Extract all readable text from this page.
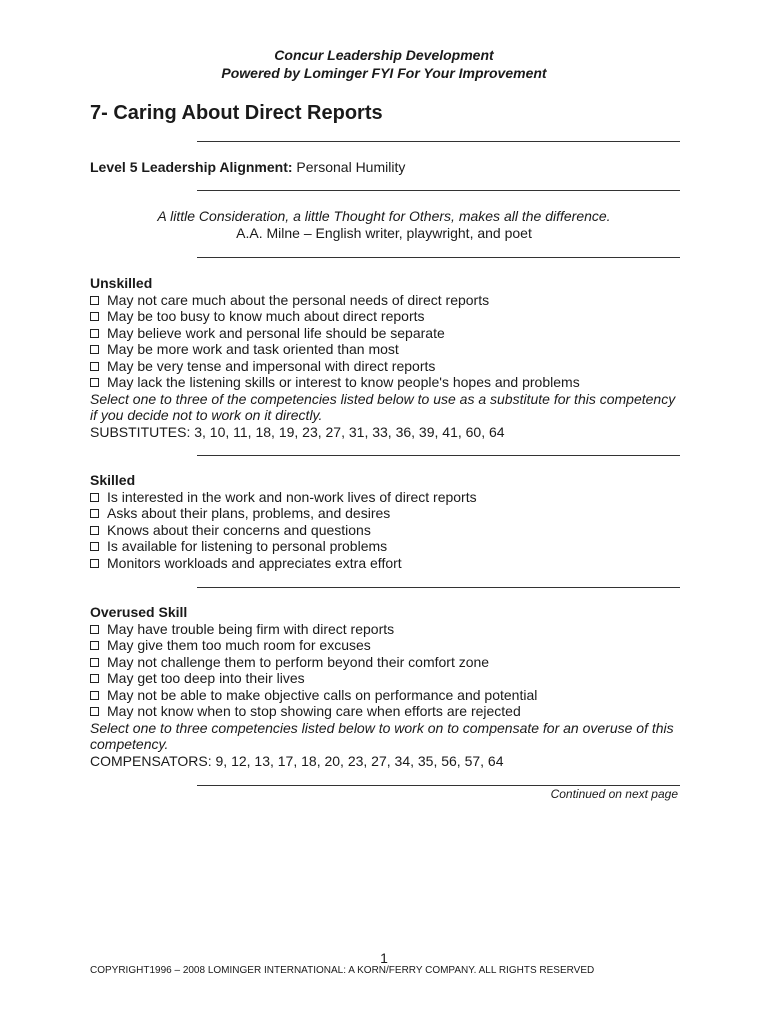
Concur Leadership Development
Powered by Lominger FYI For Your Improvement
7- Caring About Direct Reports
Level 5 Leadership Alignment: Personal Humility
A little Consideration, a little Thought for Others, makes all the difference.
A.A. Milne – English writer, playwright, and poet
Unskilled
May not care much about the personal needs of direct reports
May be too busy to know much about direct reports
May believe work and personal life should be separate
May be more work and task oriented than most
May be very tense and impersonal with direct reports
May lack the listening skills or interest to know people's hopes and problems
Select one to three of the competencies listed below to use as a substitute for this competency
if you decide not to work on it directly.
SUBSTITUTES: 3, 10, 11, 18, 19, 23, 27, 31, 33, 36, 39, 41, 60, 64
Skilled
Is interested in the work and non-work lives of direct reports
Asks about their plans, problems, and desires
Knows about their concerns and questions
Is available for listening to personal problems
Monitors workloads and appreciates extra effort
Overused Skill
May have trouble being firm with direct reports
May give them too much room for excuses
May not challenge them to perform beyond their comfort zone
May get too deep into their lives
May not be able to make objective calls on performance and potential
May not know when to stop showing care when efforts are rejected
Select one to three competencies listed below to work on to compensate for an overuse of this
competency.
COMPENSATORS: 9, 12, 13, 17, 18, 20, 23, 27, 34, 35, 56, 57, 64
Continued on next page
1
COPYRIGHT1996 – 2008 LOMINGER INTERNATIONAL: A KORN/FERRY COMPANY. ALL RIGHTS RESERVED
